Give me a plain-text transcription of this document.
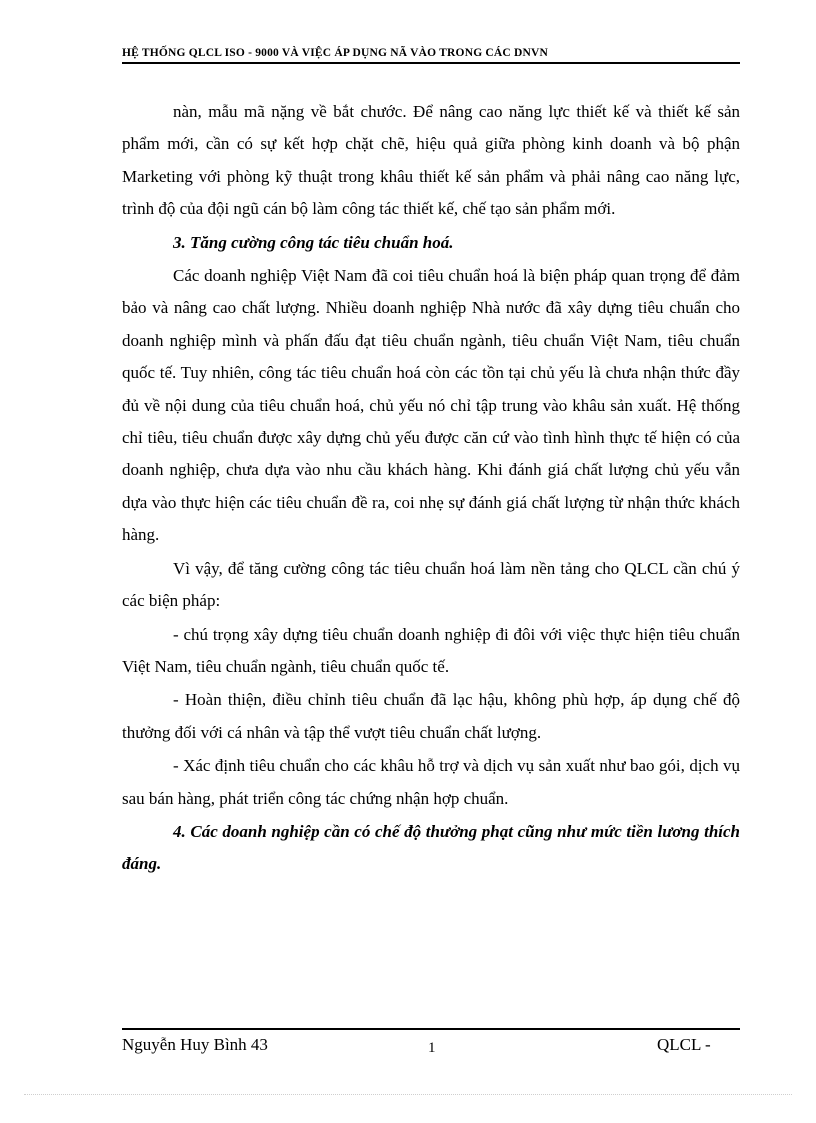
HỆ THỐNG QLCL ISO - 9000 VÀ VIỆC ÁP DỤNG NÃ VÀO TRONG CÁC DNVN

nàn, mẫu mã nặng về bắt chước. Để nâng cao năng lực thiết kế và thiết kế sản phẩm mới, cần có sự kết hợp chặt chẽ, hiệu quả giữa phòng kinh doanh và bộ phận Marketing với phòng kỹ thuật trong khâu thiết kế sản phẩm và phải nâng cao năng lực, trình độ của đội ngũ cán bộ làm công tác thiết kế, chế tạo sản phẩm mới.

3. Tăng cường công tác tiêu chuẩn hoá.

Các doanh nghiệp Việt Nam đã coi tiêu chuẩn hoá là biện pháp quan trọng để đảm bảo và nâng cao chất lượng. Nhiều doanh nghiệp Nhà nước đã xây dựng tiêu chuẩn cho doanh nghiệp mình và phấn đấu đạt tiêu chuẩn ngành, tiêu chuẩn Việt Nam, tiêu chuẩn quốc tế. Tuy nhiên, công tác tiêu chuẩn hoá còn các tồn tại chủ yếu là chưa nhận thức đầy đủ về nội dung của tiêu chuẩn hoá, chủ yếu nó chỉ tập trung vào khâu sản xuất. Hệ thống chỉ tiêu, tiêu chuẩn được xây dựng chủ yếu được căn cứ vào tình hình thực tế hiện có của doanh nghiệp, chưa dựa vào nhu cầu khách hàng. Khi đánh giá chất lượng chủ yếu vẫn dựa vào thực hiện các tiêu chuẩn đề ra, coi nhẹ sự đánh giá chất lượng từ nhận thức khách hàng.

Vì vậy, để tăng cường công tác tiêu chuẩn hoá làm nền tảng cho QLCL cần chú ý các biện pháp:

- chú trọng xây dựng tiêu chuẩn doanh nghiệp đi đôi với việc thực hiện tiêu chuẩn Việt Nam, tiêu chuẩn ngành, tiêu chuẩn quốc tế.

- Hoàn thiện, điều chỉnh tiêu chuẩn đã lạc hậu, không phù hợp, áp dụng chế độ thưởng đối với cá nhân và tập thể vượt tiêu chuẩn chất lượng.

- Xác định tiêu chuẩn cho các khâu hỗ trợ và dịch vụ sản xuất như bao gói, dịch vụ sau bán hàng, phát triển công tác chứng nhận hợp chuẩn.

4. Các doanh nghiệp cần có chế độ thưởng phạt cũng như mức tiền lương thích đáng.

Nguyễn Huy Bình 43	1	QLCL -
